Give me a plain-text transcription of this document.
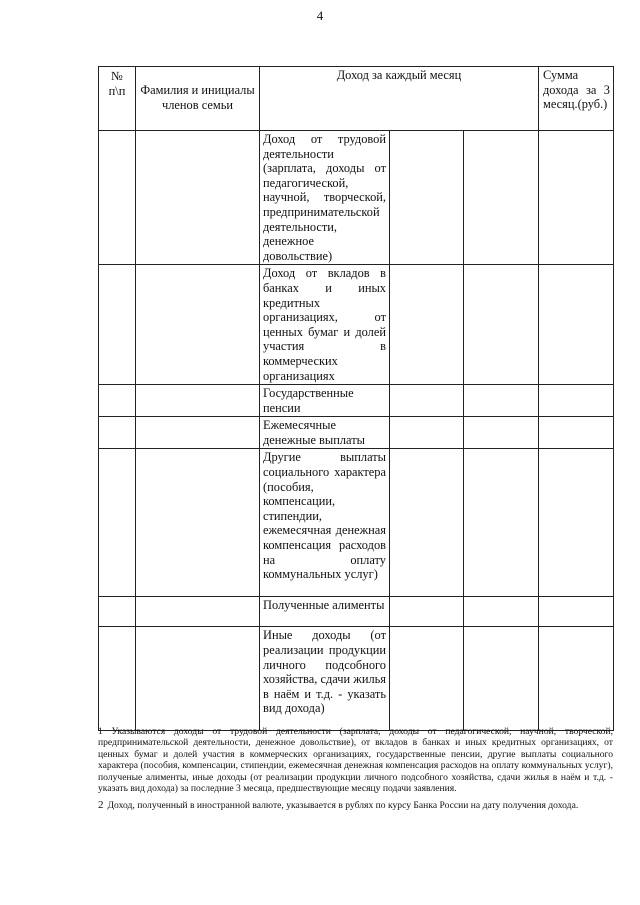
4
№ п\п	Фамилия и инициалы членов семьи	Доход за каждый месяц			Сумма дохода за 3 месяц.(руб.)
		Доход от трудовой деятельности (зарплата, доходы от педагогической, научной, творческой, предпринимательской деятельности, денежное довольствие)			
		Доход от вкладов в банках и иных кредитных организациях, от ценных бумаг и долей участия в коммерческих организациях			
		Государственные пенсии			
		Ежемесячные денежные выплаты			
		Другие выплаты социального характера (пособия, компенсации, стипендии, ежемесячная денежная компенсация расходов на оплату коммунальных услуг)			
		Полученные алименты			
		Иные доходы (от реализации продукции личного подсобного хозяйства, сдачи жилья в наём и т.д. - указать вид дохода)			

1 Указываются доходы от трудовой деятельности (зарплата, доходы от педагогической, научной, творческой, предпринимательской деятельности, денежное довольствие), от вкладов в банках и иных кредитных организациях, от ценных бумаг и долей участия в коммерческих организациях, государственные пенсии, другие выплаты социального характера (пособия, компенсации, стипендии, ежемесячная денежная компенсация расходов на оплату коммунальных услуг), полученые алименты, иные доходы (от реализации продукции личного подсобного хозяйства, сдачи жилья в наём и т.д. - указать вид дохода) за последние 3 месяца, предшествующие месяцу подачи заявления.

2 Доход, полученный в иностранной валюте, указывается в рублях по курсу Банка России на дату получения дохода.
